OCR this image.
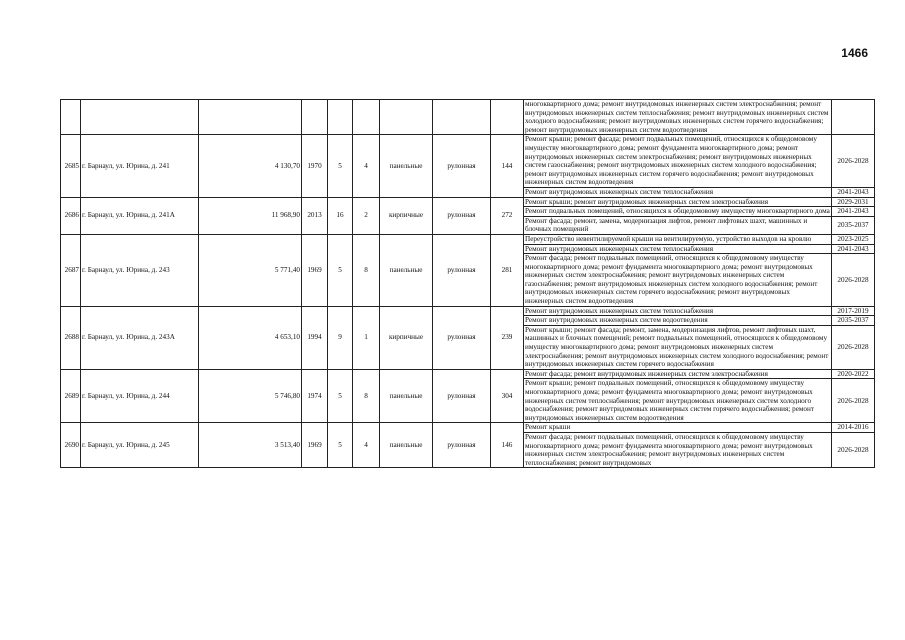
1466
									многоквартирного дома; ремонт внутридомовых инженерных систем электроснабжения; ремонт внутридомовых инженерных систем теплоснабжения; ремонт внутридомовых инженерных систем холодного водоснабжения; ремонт внутридомовых инженерных систем горячего водоснабжения; ремонт внутридомовых инженерных систем водоотведения	
2685	г. Барнаул, ул. Юрина, д. 241	4 130,70	1970	5	4	панельные	рулонная	144	Ремонт крыши; ремонт фасада; ремонт подвальных помещений, относящихся к общедомовому имуществу многоквартирного дома; ремонт фундамента многоквартирного дома; ремонт внутридомовых инженерных систем электроснабжения; ремонт внутридомовых инженерных систем газоснабжения; ремонт внутридомовых инженерных систем холодного водоснабжения; ремонт внутридомовых инженерных систем горячего водоснабжения; ремонт внутридомовых инженерных систем водоотведения	2026-2028
									Ремонт внутридомовых инженерных систем теплоснабжения	2041-2043
2686	г. Барнаул, ул. Юрина, д. 241А	11 968,90	2013	16	2	кирпичные	рулонная	272	Ремонт крыши; ремонт внутридомовых инженерных систем электроснабжения	2029-2031
									Ремонт подвальных помещений, относящихся к общедомовому имуществу многоквартирного дома	2041-2043
									Ремонт фасада; ремонт, замена, модернизация лифтов, ремонт лифтовых шахт, машинных и блочных помещений	2035-2037
2687	г. Барнаул, ул. Юрина, д. 243	5 771,40	1969	5	8	панельные	рулонная	281	Переустройство невентилируемой крыши на вентилируемую, устройство выходов на кровлю	2023-2025
									Ремонт внутридомовых инженерных систем теплоснабжения	2041-2043
									Ремонт фасада; ремонт подвальных помещений, относящихся к общедомовому имуществу многоквартирного дома; ремонт фундамента многоквартирного дома; ремонт внутридомовых инженерных систем электроснабжения; ремонт внутридомовых инженерных систем газоснабжения; ремонт внутридомовых инженерных систем холодного водоснабжения; ремонт внутридомовых инженерных систем горячего водоснабжения; ремонт внутридомовых инженерных систем водоотведения	2026-2028
2688	г. Барнаул, ул. Юрина, д. 243А	4 653,10	1994	9	1	кирпичные	рулонная	239	Ремонт внутридомовых инженерных систем теплоснабжения	2017-2019
									Ремонт внутридомовых инженерных систем водоотведения	2035-2037
									Ремонт крыши; ремонт фасада; ремонт, замена, модернизация лифтов, ремонт лифтовых шахт, машинных и блочных помещений; ремонт подвальных помещений, относящихся к общедомовому имуществу многоквартирного дома; ремонт внутридомовых инженерных систем электроснабжения; ремонт внутридомовых инженерных систем холодного водоснабжения; ремонт внутридомовых инженерных систем горячего водоснабжения	2026-2028
2689	г. Барнаул, ул. Юрина, д. 244	5 746,80	1974	5	8	панельные	рулонная	304	Ремонт фасада; ремонт внутридомовых инженерных систем электроснабжения	2020-2022
									Ремонт крыши; ремонт подвальных помещений, относящихся к общедомовому имуществу многоквартирного дома; ремонт фундамента многоквартирного дома; ремонт внутридомовых инженерных систем теплоснабжения; ремонт внутридомовых инженерных систем холодного водоснабжения; ремонт внутридомовых инженерных систем горячего водоснабжения; ремонт внутридомовых инженерных систем водоотведения	2026-2028
2690	г. Барнаул, ул. Юрина, д. 245	3 513,40	1969	5	4	панельные	рулонная	146	Ремонт крыши	2014-2016
									Ремонт фасада; ремонт подвальных помещений, относящихся к общедомовому имуществу многоквартирного дома; ремонт фундамента многоквартирного дома; ремонт внутридомовых инженерных систем электроснабжения; ремонт внутридомовых инженерных систем теплоснабжения; ремонт внутридомовых	2026-2028
